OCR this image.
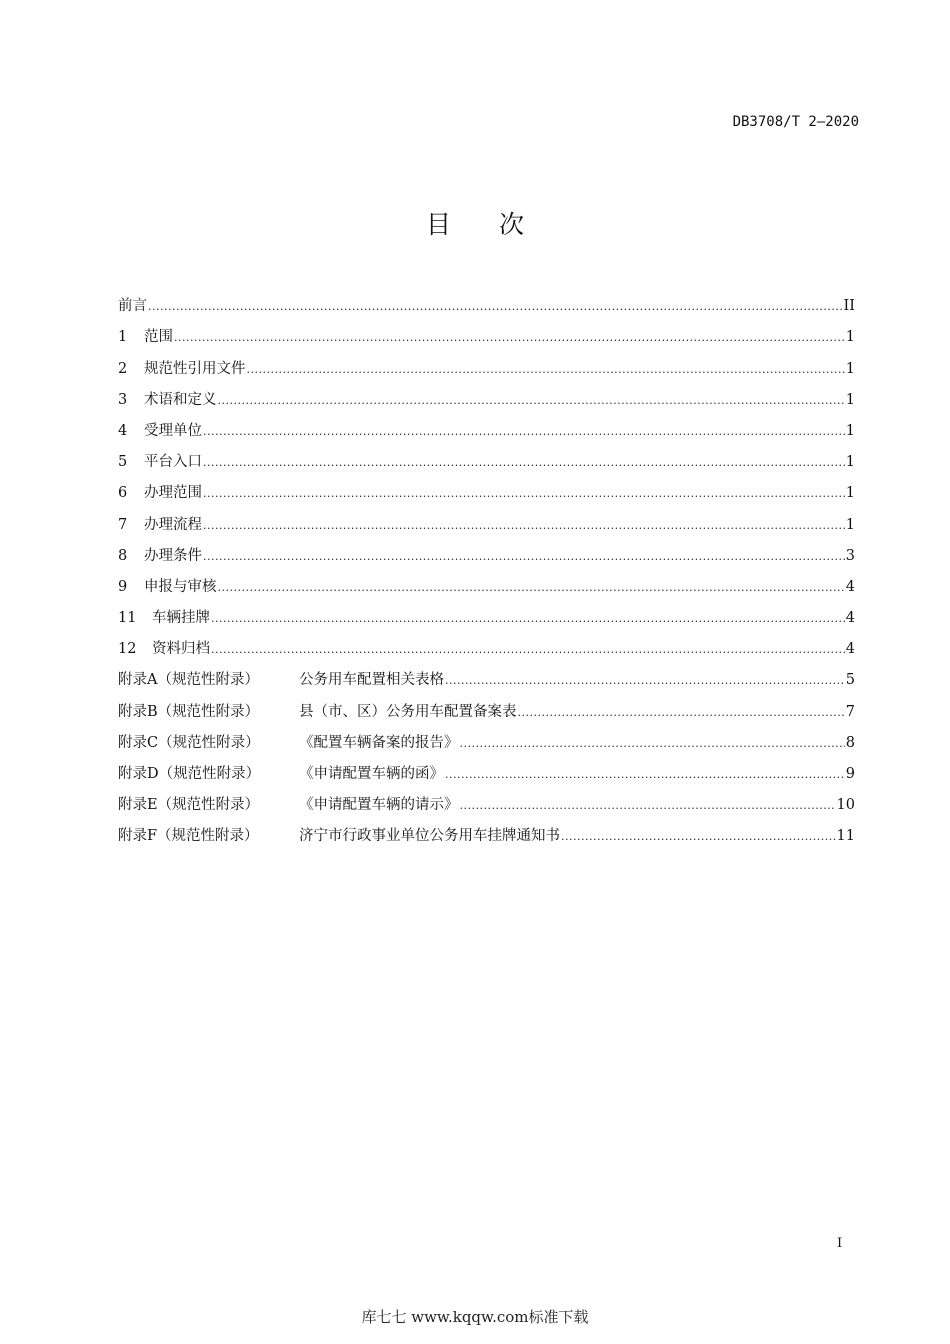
DB3708/T 2—2020
目次
前言 .....	II
1 范围 .....	1
2 规范性引用文件 .....	1
3 术语和定义 .....	1
4 受理单位 .....	1
5 平台入口 .....	1
6 办理范围 .....	1
7 办理流程 .....	1
8 办理条件 .....	3
9 申报与审核 .....	4
11 车辆挂牌 .....	4
12 资料归档 .....	4
附录A（规范性附录）	公务用车配置相关表格 .....	5
附录B（规范性附录）	县（市、区）公务用车配置备案表 .....	7
附录C（规范性附录）	《配置车辆备案的报告》 .....	8
附录D（规范性附录）	《申请配置车辆的函》 .....	9
附录E（规范性附录）	《申请配置车辆的请示》 .....	10
附录F（规范性附录）	济宁市行政事业单位公务用车挂牌通知书 .....	11
I
库七七 www.kqqw.com标准下载
